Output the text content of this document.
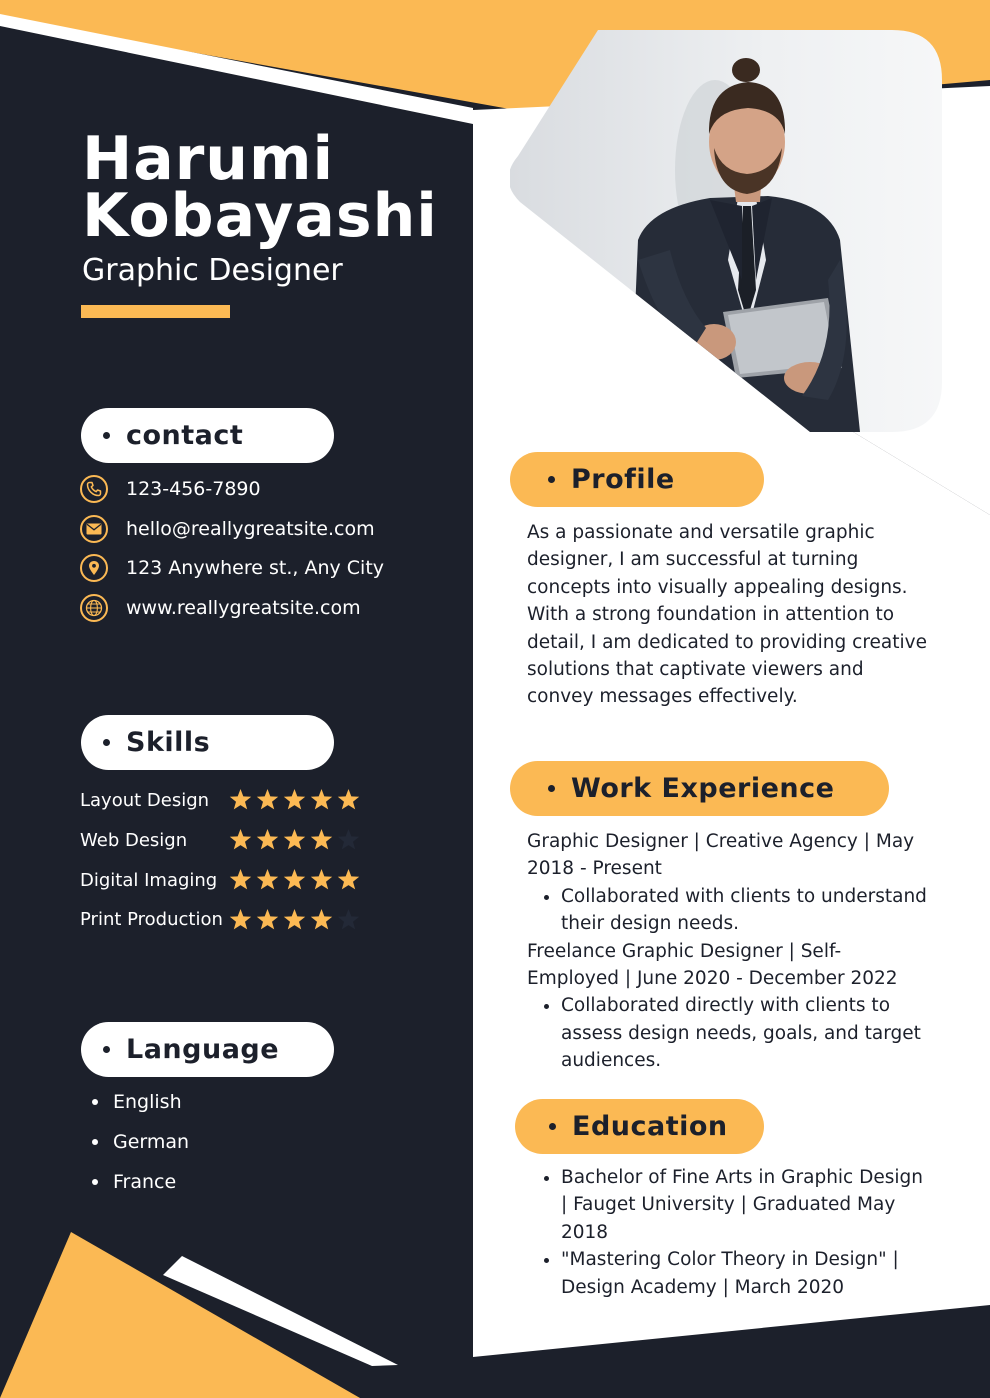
Harumi
Kobayashi
Graphic Designer
contact
123-456-7890
hello@reallygreatsite.com
123 Anywhere st., Any City
www.reallygreatsite.com
Skills
Layout Design
Web Design
Digital Imaging
Print Production
Language
English
German
France
Profile
As a passionate and versatile graphic designer, I am successful at turning concepts into visually appealing designs. With a strong foundation in attention to detail, I am dedicated to providing creative solutions that captivate viewers and convey messages effectively.
Work Experience

Graphic Designer | Creative Agency | May 2018 - Present

• Collaborated with clients to understand their design needs.

Freelance Graphic Designer | Self-Employed | June 2020 - December 2022

• Collaborated directly with clients to assess design needs, goals, and target audiences.
Education
• Bachelor of Fine Arts in Graphic Design | Fauget University | Graduated May 2018
• "Mastering Color Theory in Design" | Design Academy | March 2020
